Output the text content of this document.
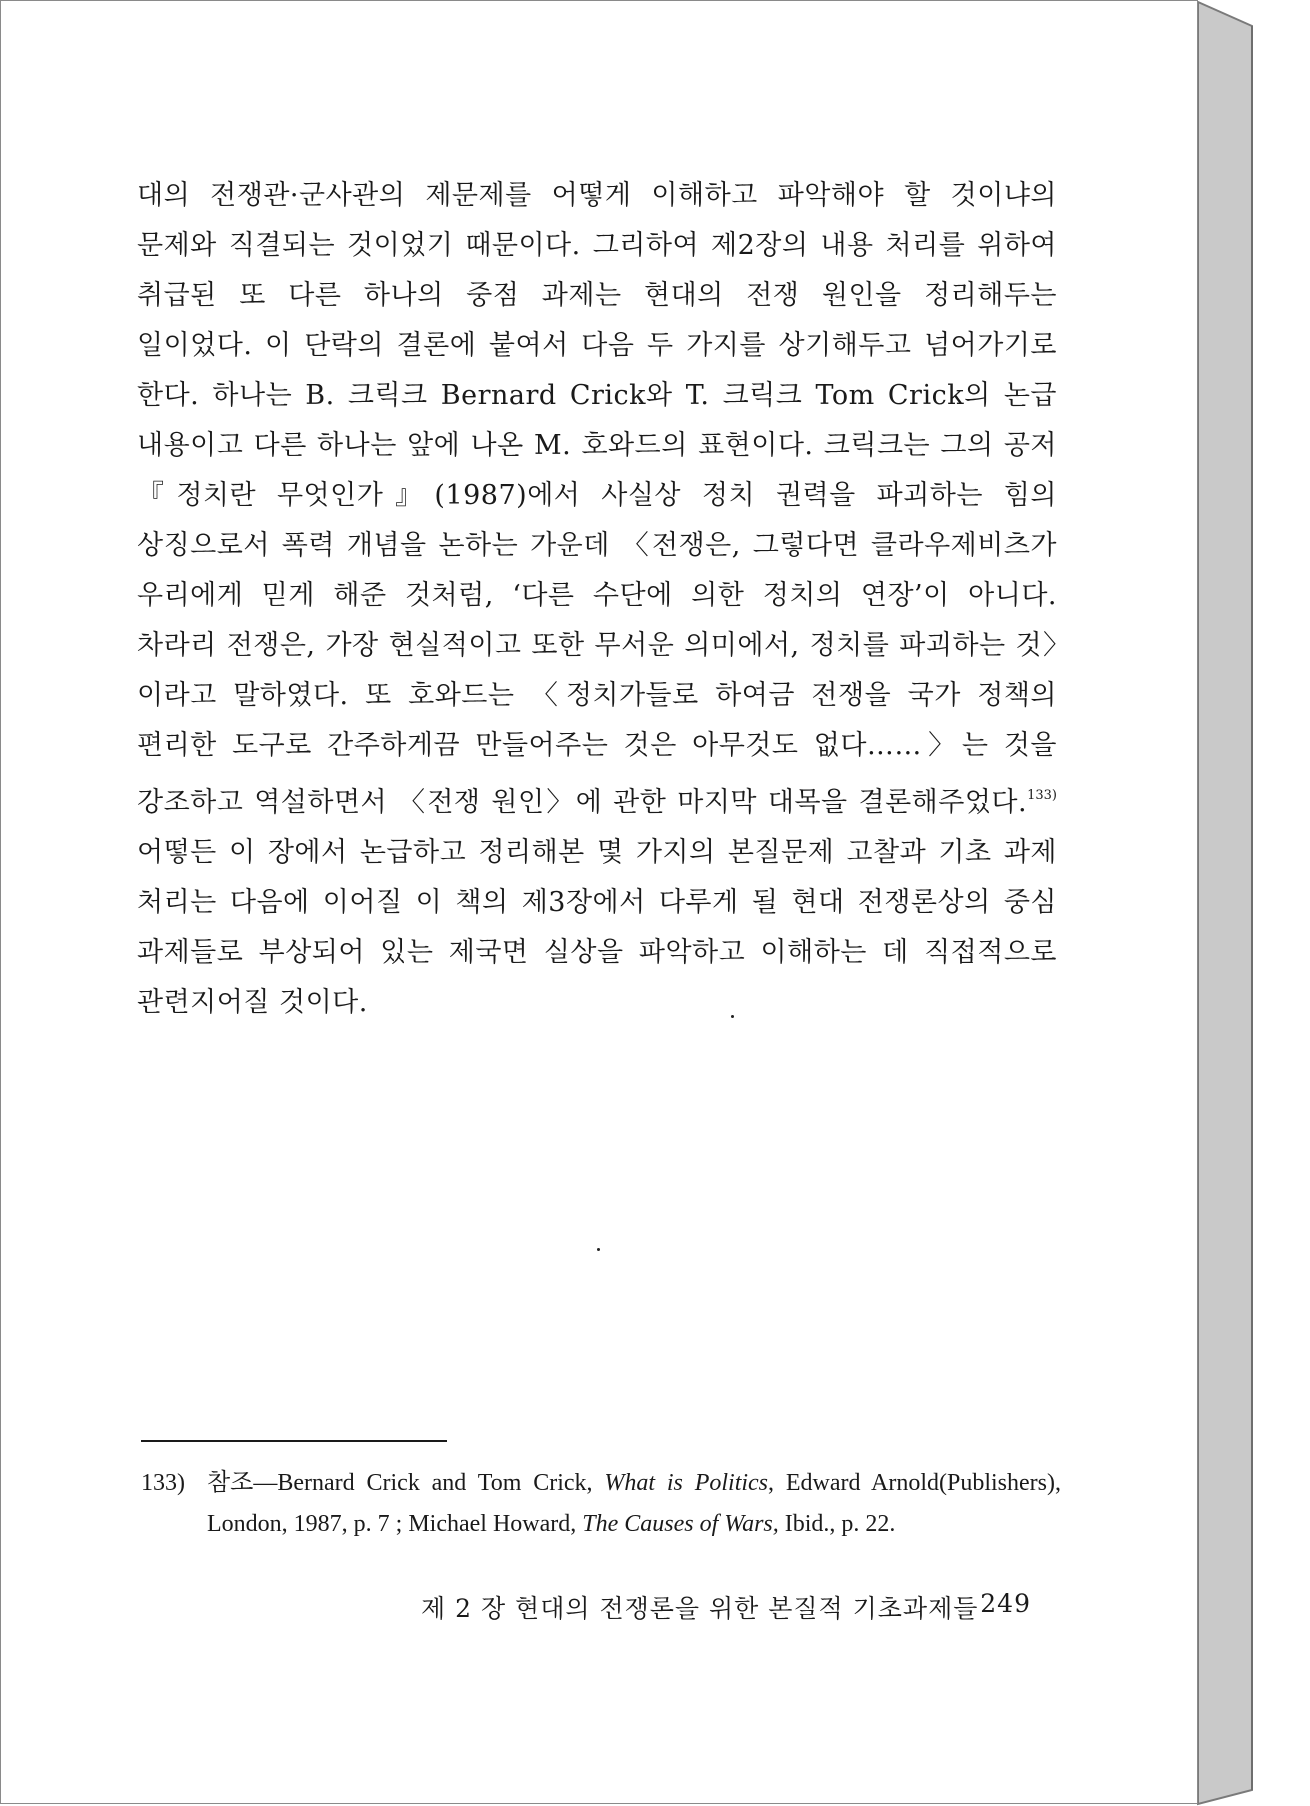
대의 전쟁관·군사관의 제문제를 어떻게 이해하고 파악해야 할 것이냐의 문제와 직결되는 것이었기 때문이다. 그리하여 제2장의 내용 처리를 위하여 취급된 또 다른 하나의 중점 과제는 현대의 전쟁 원인을 정리해두는 일이었다. 이 단락의 결론에 붙여서 다음 두 가지를 상기해두고 넘어가기로 한다. 하나는 B. 크릭크 Bernard Crick와 T. 크릭크 Tom Crick의 논급 내용이고 다른 하나는 앞에 나온 M. 호와드의 표현이다. 크릭크는 그의 공저 『정치란 무엇인가』(1987)에서 사실상 정치 권력을 파괴하는 힘의 상징으로서 폭력 개념을 논하는 가운데 〈전쟁은, 그렇다면 클라우제비츠가 우리에게 믿게 해준 것처럼, ‘다른 수단에 의한 정치의 연장’이 아니다. 차라리 전쟁은, 가장 현실적이고 또한 무서운 의미에서, 정치를 파괴하는 것〉이라고 말하였다. 또 호와드는 〈정치가들로 하여금 전쟁을 국가 정책의 편리한 도구로 간주하게끔 만들어주는 것은 아무것도 없다……〉는 것을 강조하고 역설하면서 〈전쟁 원인〉에 관한 마지막 대목을 결론해주었다.$^{133)}$ 어떻든 이 장에서 논급하고 정리해본 몇 가지의 본질문제 고찰과 기초 과제 처리는 다음에 이어질 이 책의 제3장에서 다루게 될 현대 전쟁론상의 중심 과제들로 부상되어 있는 제국면 실상을 파악하고 이해하는 데 직접적으로 관련지어질 것이다.

133) 참조—Bernard Crick and Tom Crick, What is Politics, Edward Arnold(Publishers), London, 1987, p. 7 ; Michael Howard, The Causes of Wars, Ibid., p. 22.

제 2 장 현대의 전쟁론을 위한 본질적 기초과제들 249
